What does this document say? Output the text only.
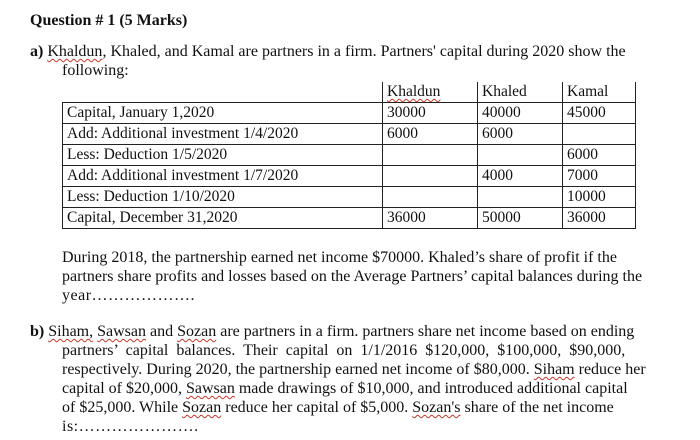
Question # 1 (5 Marks)
a) Khaldun, Khaled, and Kamal are partners in a firm. Partners' capital during 2020 show the
following:
	Khaldun	Khaled	Kamal
Capital, January 1,2020	30000	40000	45000
Add: Additional investment 1/4/2020	6000	6000	
Less: Deduction 1/5/2020			6000
Add: Additional investment 1/7/2020		4000	7000
Less: Deduction 1/10/2020			10000
Capital, December 31,2020	36000	50000	36000
During 2018, the partnership earned net income $70000. Khaled’s share of profit if the
partners share profits and losses based on the Average Partners’ capital balances during the
year……………….
b) Siham, Sawsan and Sozan are partners in a firm. partners share net income based on ending
partners’  capital  balances.  Their  capital  on  1/1/2016  $120,000,  $100,000,  $90,000,
respectively. During 2020, the partnership earned net income of $80,000. Siham reduce her
capital of $20,000, Sawsan made drawings of $10,000, and introduced additional capital
of $25,000. While Sozan reduce her capital of $5,000. Sozan's share of the net income
is:………………….
